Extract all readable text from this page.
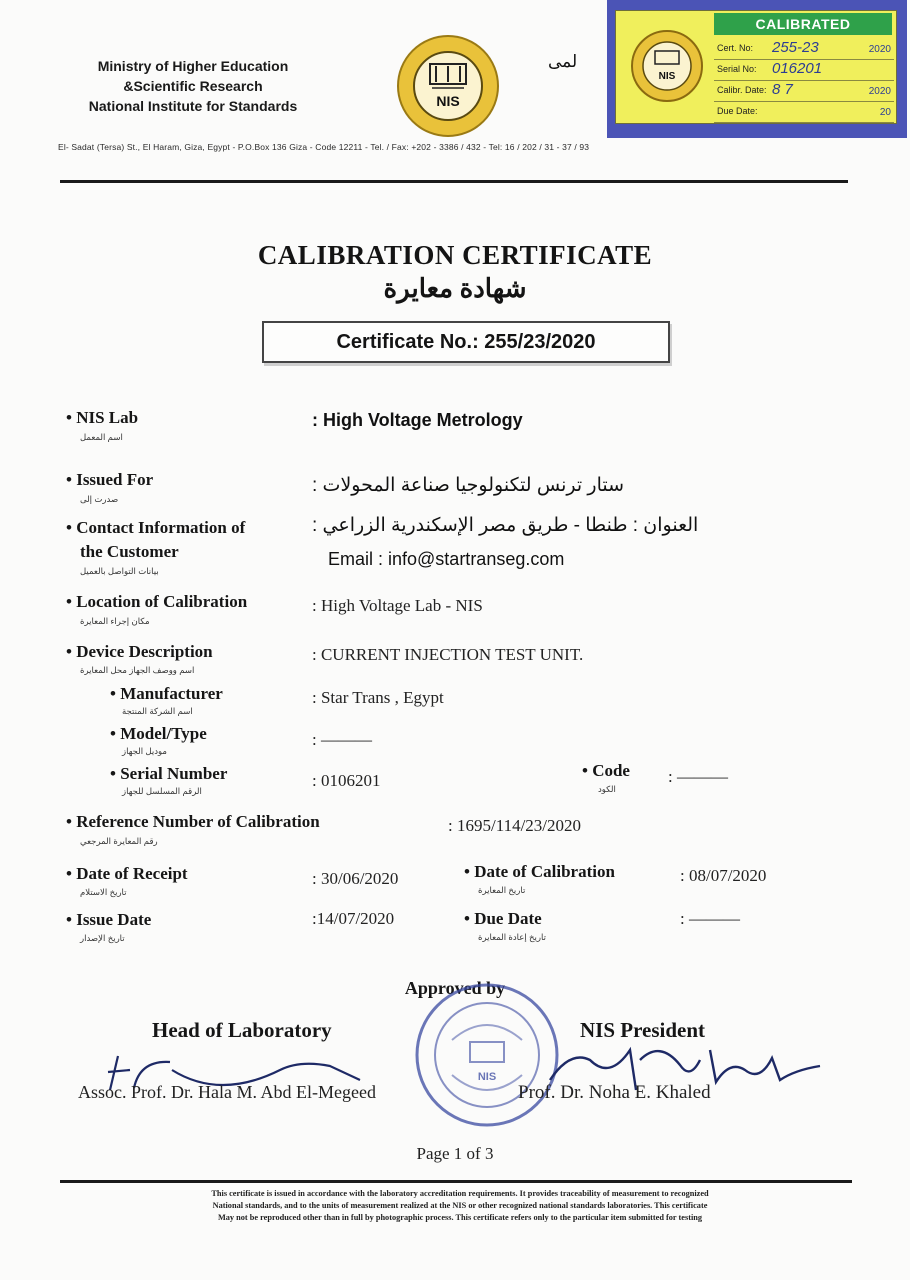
Ministry of Higher Education
&Scientific Research
National Institute for Standards	NIS
لمى
CALIBRATED
NIS
Cert. No: 255-23	2020
Serial No: 016201
Calibr. Date: 8 7	2020
Due Date:	20
El- Sadat (Tersa) St., El Haram, Giza, Egypt - P.O.Box 136 Giza - Code 12211 - Tel. / Fax: +202 - 3386 / 432 - Tel: 16 / 202 / 31 - 37 / 93
CALIBRATION CERTIFICATE
شهادة معايرة
Certificate No.: 255/23/2020
• NIS Lab
اسم المعمل
: High Voltage Metrology
• Issued For
صدرت إلى
ستار ترنس لتكنولوجيا صناعة المحولات :
• Contact Information of
the Customer
بيانات التواصل بالعميل
العنوان : طنطا - طريق مصر الإسكندرية الزراعي :
Email : info@startranseg.com
• Location of Calibration
مكان إجراء المعايرة
: High Voltage Lab - NIS
• Device Description
اسم ووصف الجهاز محل المعايرة
: CURRENT INJECTION TEST UNIT.
• Manufacturer
اسم الشركة المنتجة
: Star Trans , Egypt
• Model/Type
موديل الجهاز
: ———
• Serial Number
الرقم المسلسل للجهاز
: 0106201
• Code
الكود
: ———
• Reference Number of Calibration
رقم المعايرة المرجعي
: 1695/114/23/2020
• Date of Receipt
تاريخ الاستلام
: 30/06/2020	• Date of Calibration
تاريخ المعايرة
: 08/07/2020
• Issue Date
تاريخ الإصدار
:14/07/2020	• Due Date
تاريخ إعادة المعايرة
: ———
Approved by
Head of Laboratory	NIS President
NIS
Assoc. Prof. Dr. Hala M. Abd El-Megeed	Prof. Dr. Noha E. Khaled
Page 1 of 3
This certificate is issued in accordance with the laboratory accreditation requirements. It provides traceability of measurement to recognized
National standards, and to the units of measurement realized at the NIS or other recognized national standards laboratories. This certificate
May not be reproduced other than in full by photographic process. This certificate refers only to the particular item submitted for testing
